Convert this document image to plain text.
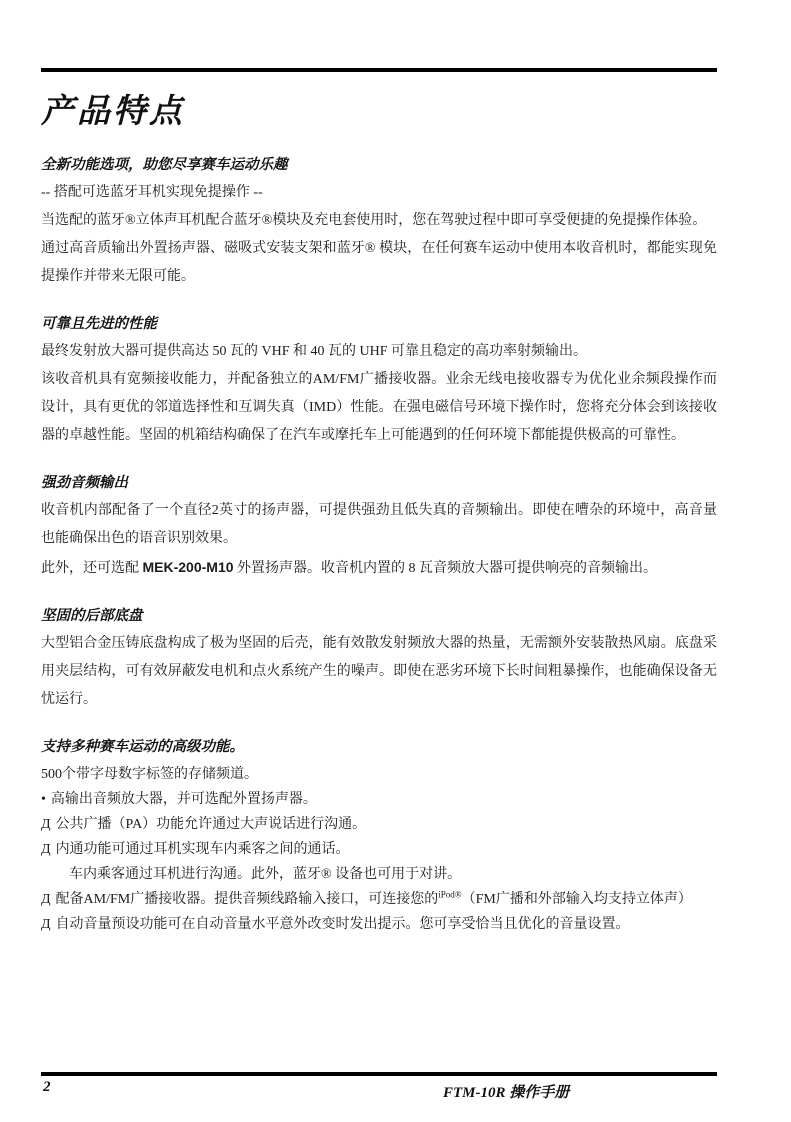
产品特点
全新功能选项，助您尽享赛车运动乐趣

-- 搭配可选蓝牙耳机实现免提操作 --

当选配的蓝牙®立体声耳机配合蓝牙®模块及充电套使用时，您在驾驶过程中即可享受便捷的免提操作体验。

通过高音质输出外置扬声器、磁吸式安装支架和蓝牙® 模块，在任何赛车运动中使用本收音机时，都能实现免提操作并带来无限可能。

可靠且先进的性能

最终发射放大器可提供高达 50 瓦的 VHF 和 40 瓦的 UHF 可靠且稳定的高功率射频输出。

该收音机具有宽频接收能力，并配备独立的AM/FM广播接收器。业余无线电接收器专为优化业余频段操作而设计，具有更优的邻道选择性和互调失真（IMD）性能。在强电磁信号环境下操作时，您将充分体会到该接收器的卓越性能。坚固的机箱结构确保了在汽车或摩托车上可能遇到的任何环境下都能提供极高的可靠性。

强劲音频输出

收音机内部配备了一个直径2英寸的扬声器，可提供强劲且低失真的音频输出。即使在嘈杂的环境中，高音量也能确保出色的语音识别效果。

此外，还可选配 MEK-200-M10 外置扬声器。收音机内置的 8 瓦音频放大器可提供响亮的音频输出。

坚固的后部底盘

大型铝合金压铸底盘构成了极为坚固的后壳，能有效散发射频放大器的热量，无需额外安装散热风扇。底盘采用夹层结构，可有效屏蔽发电机和点火系统产生的噪声。即使在恶劣环境下长时间粗暴操作，也能确保设备无忧运行。

支持多种赛车运动的高级功能。
500个带字母数字标签的存储频道。
• 高输出音频放大器，并可选配外置扬声器。
Д 公共广播（PA）功能允许通过大声说话进行沟通。
Д 内通功能可通过耳机实现车内乘客之间的通话。
车内乘客通过耳机进行沟通。此外，蓝牙® 设备也可用于对讲。
Д 配备AM/FM广播接收器。提供音频线路输入接口，可连接您的$^{iPod®}$（FM广播和外部输入均支持立体声）
Д 自动音量预设功能可在自动音量水平意外改变时发出提示。您可享受恰当且优化的音量设置。
2	FTM-10R 操作手册
